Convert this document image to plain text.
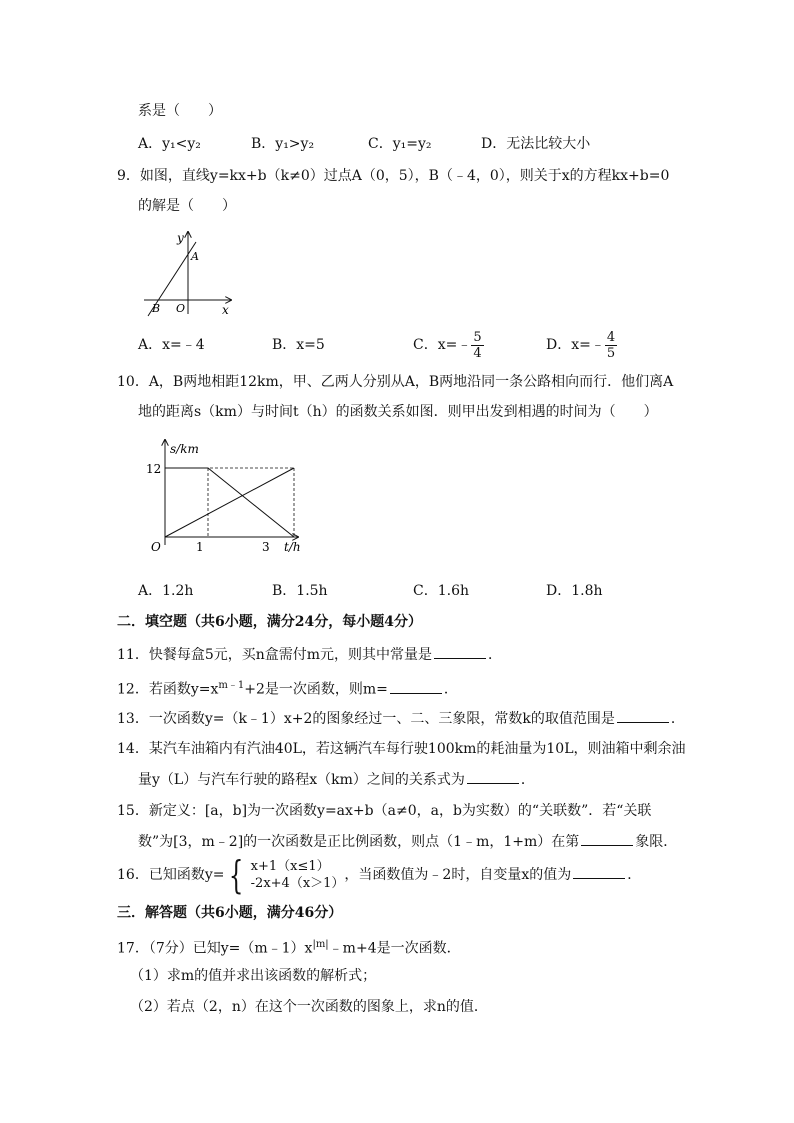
系是（　　）
A．y₁<y₂	B．y₁>y₂	C．y₁=y₂	D．无法比较大小
9．如图，直线y=kx+b（k≠0）过点A（0，5），B（﹣4，0），则关于x的方程kx+b=0
的解是（　　）
y
x
A
B O
A．x=﹣4	B．x=5	C．x=﹣ $\frac{5}{4}$	D．x=﹣ $\frac{4}{5}$
10．A，B两地相距12km，甲、乙两人分别从A，B两地沿同一条公路相向而行．他们离A
地的距离s（km）与时间t（h）的函数关系如图．则甲出发到相遇的时间为（　　）
s/km
t/h
O
12
1	3
A．1.2h	B．1.5h	C．1.6h	D．1.8h
二．填空题（共6小题，满分24分，每小题4分）
11．快餐每盒5元，买n盒需付m元，则其中常量是	．
12．若函数$y=x^{m﹣1}+2$是一次函数，则m=	．
13．一次函数y=（k﹣1）x+2的图象经过一、二、三象限，常数k的取值范围是	．
14．某汽车油箱内有汽油40L，若这辆汽车每行驶100km的耗油量为10L，则油箱中剩余油
量y（L）与汽车行驶的路程x（km）之间的关系式为	．
15．新定义：[a，b]为一次函数y=ax+b（a≠0，a，b为实数）的“关联数”．若“关联
数”为[3，m﹣2]的一次函数是正比例函数，则点（1﹣m，1+m）在第	象限．
16．已知函数y= { x+1（x≤1）
-2x+4（x＞1）
，当函数值为﹣2时，自变量x的值为	．
三．解答题（共6小题，满分46分）
17．（7分）已知$y=(m﹣1)x^{|m|}﹣m+4$是一次函数．
（1）求m的值并求出该函数的解析式；
（2）若点（2，n）在这个一次函数的图象上，求n的值．
